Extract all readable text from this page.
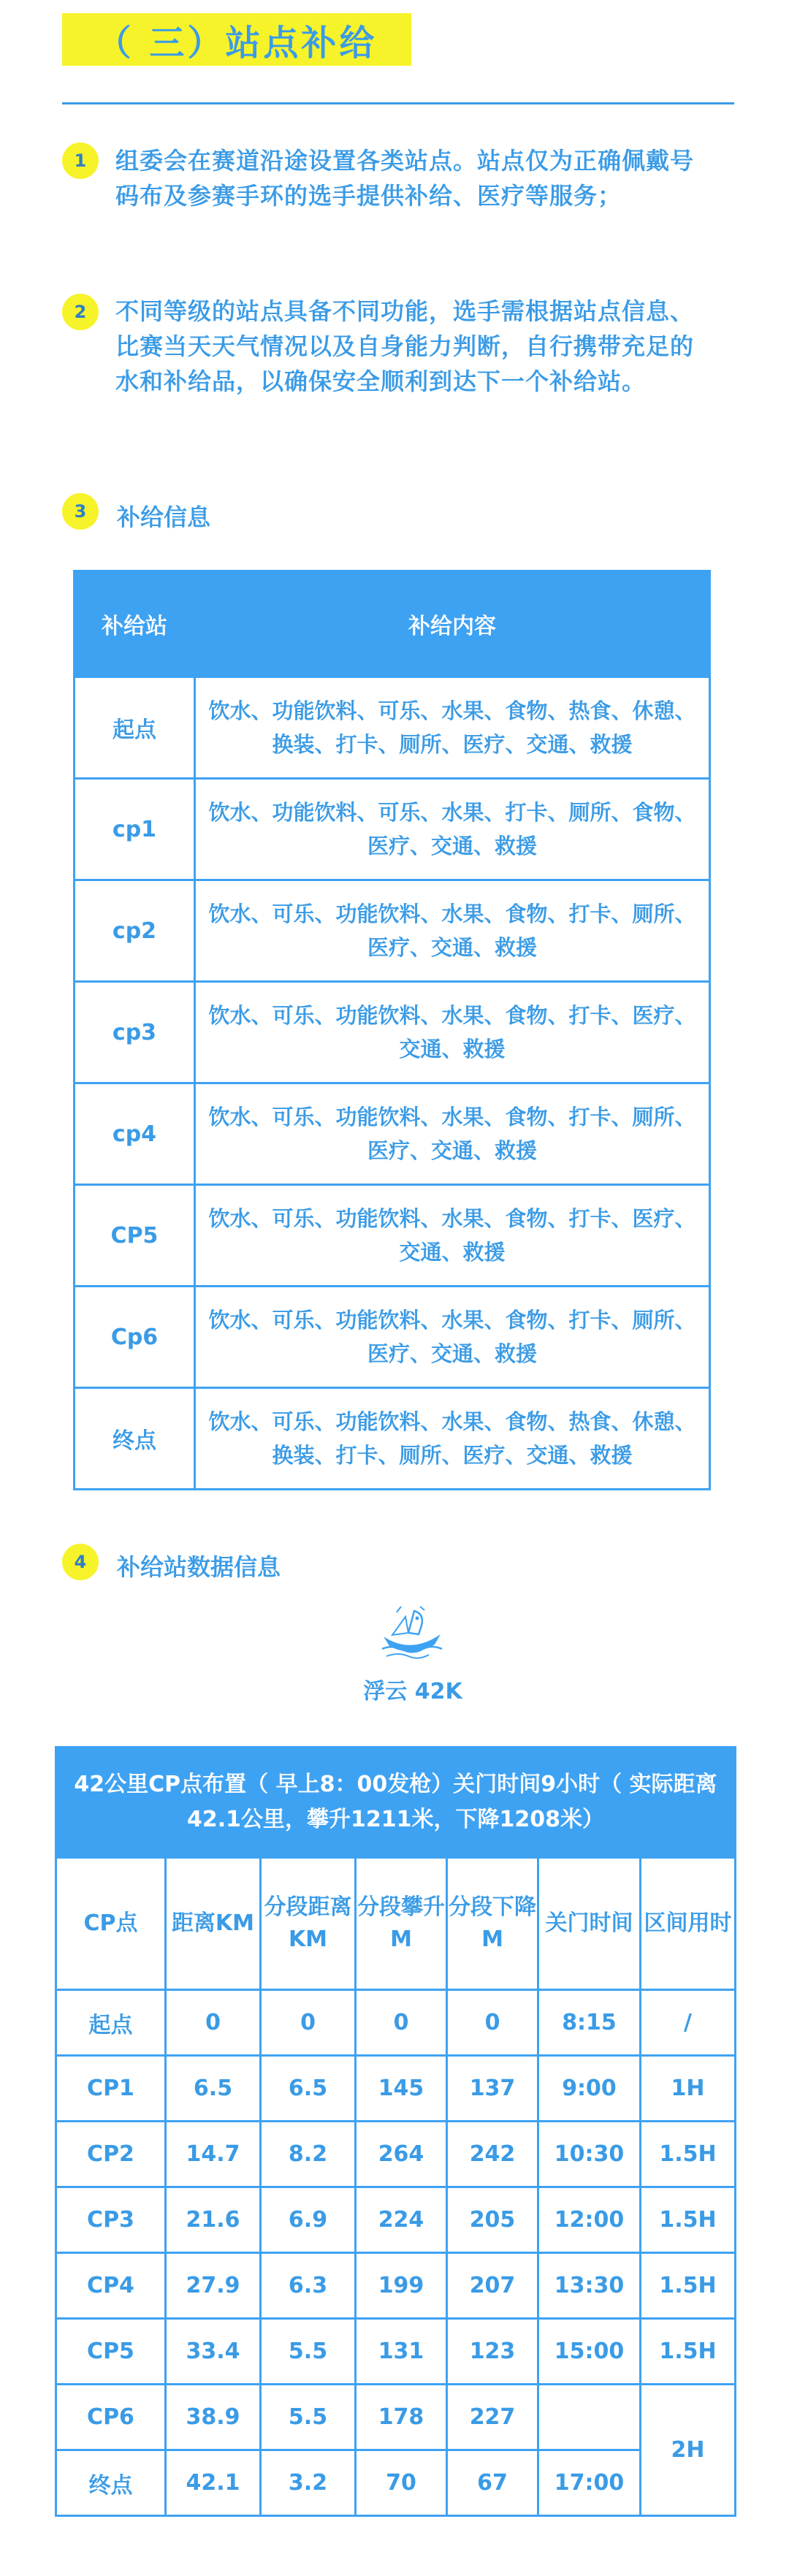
（ 三）站点补给
1	组委会在赛道沿途设置各类站点。站点仅为正确佩戴号码布及参赛手环的选手提供补给、医疗等服务；
2	不同等级的站点具备不同功能，选手需根据站点信息、比赛当天天气情况以及自身能力判断，自行携带充足的水和补给品，以确保安全顺利到达下一个补给站。
3	补给信息
补给站	补给内容
起点	饮水、功能饮料、可乐、水果、食物、热食、休憩、换装、打卡、厕所、医疗、交通、救援
cp1	饮水、功能饮料、可乐、水果、打卡、厕所、食物、医疗、交通、救援
cp2	饮水、可乐、功能饮料、水果、食物、打卡、厕所、医疗、交通、救援
cp3	饮水、可乐、功能饮料、水果、食物、打卡、医疗、交通、救援
cp4	饮水、可乐、功能饮料、水果、食物、打卡、厕所、医疗、交通、救援
CP5	饮水、可乐、功能饮料、水果、食物、打卡、医疗、交通、救援
Cp6	饮水、可乐、功能饮料、水果、食物、打卡、厕所、医疗、交通、救援
终点	饮水、可乐、功能饮料、水果、食物、热食、休憩、换装、打卡、厕所、医疗、交通、救援
4	补给站数据信息
浮云 42K
42公里CP点布置（ 早上8：00发枪）关门时间9小时（ 实际距离42.1公里，攀升1211米，下降1208米）						
CP点	距离KM	分段距离KM	分段攀升M	分段下降M	关门时间	区间用时
起点	0	0	0	0	8:15	/
CP1	6.5	6.5	145	137	9:00	1H
CP2	14.7	8.2	264	242	10:30	1.5H
CP3	21.6	6.9	224	205	12:00	1.5H
CP4	27.9	6.3	199	207	13:30	1.5H
CP5	33.4	5.5	131	123	15:00	1.5H
CP6	38.9	5.5	178	227		2H
终点	42.1	3.2	70	67	17:00	
